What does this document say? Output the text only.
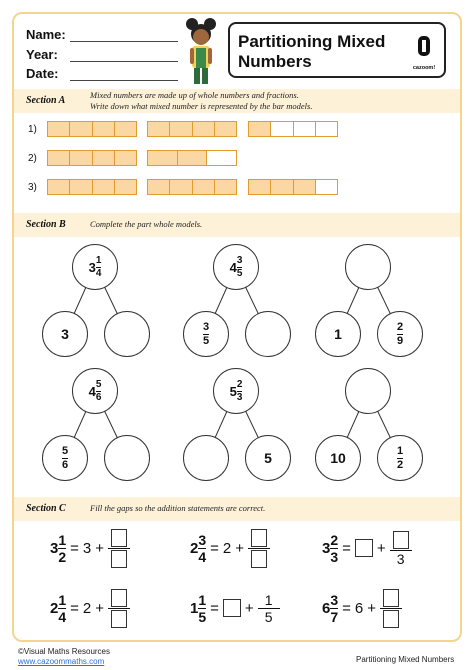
Name:
Year:
Date:
Partitioning Mixed Numbers	cazoom!
Section A	Mixed numbers are made up of whole numbers and fractions.
Write down what mixed number is represented by the bar models.
1)
2)
3)
Section B	Complete the part whole models.
$3 \frac{1}{4}$
3
$4 \frac{3}{5}$
$\frac{3}{5}$	1	$\frac{2}{9}$
$4 \frac{5}{6}$
$\frac{5}{6}$
$5 \frac{2}{3}$
5	10	$\frac{1}{2}$
Section C	Fill the gaps so the addition statements are correct.
$3 \frac{1}{2} = 3$ +	$2 \frac{3}{4} = 2$ +	$3 \frac{2}{3}$ = +
3
$2 \frac{1}{4} = 2$ +	$1 \frac{1}{5}$ = + $\frac{1}{5}$	$6 \frac{3}{7} = 6$ +
©Visual Maths Resources
www.cazoommaths.com	Partitioning Mixed Numbers
